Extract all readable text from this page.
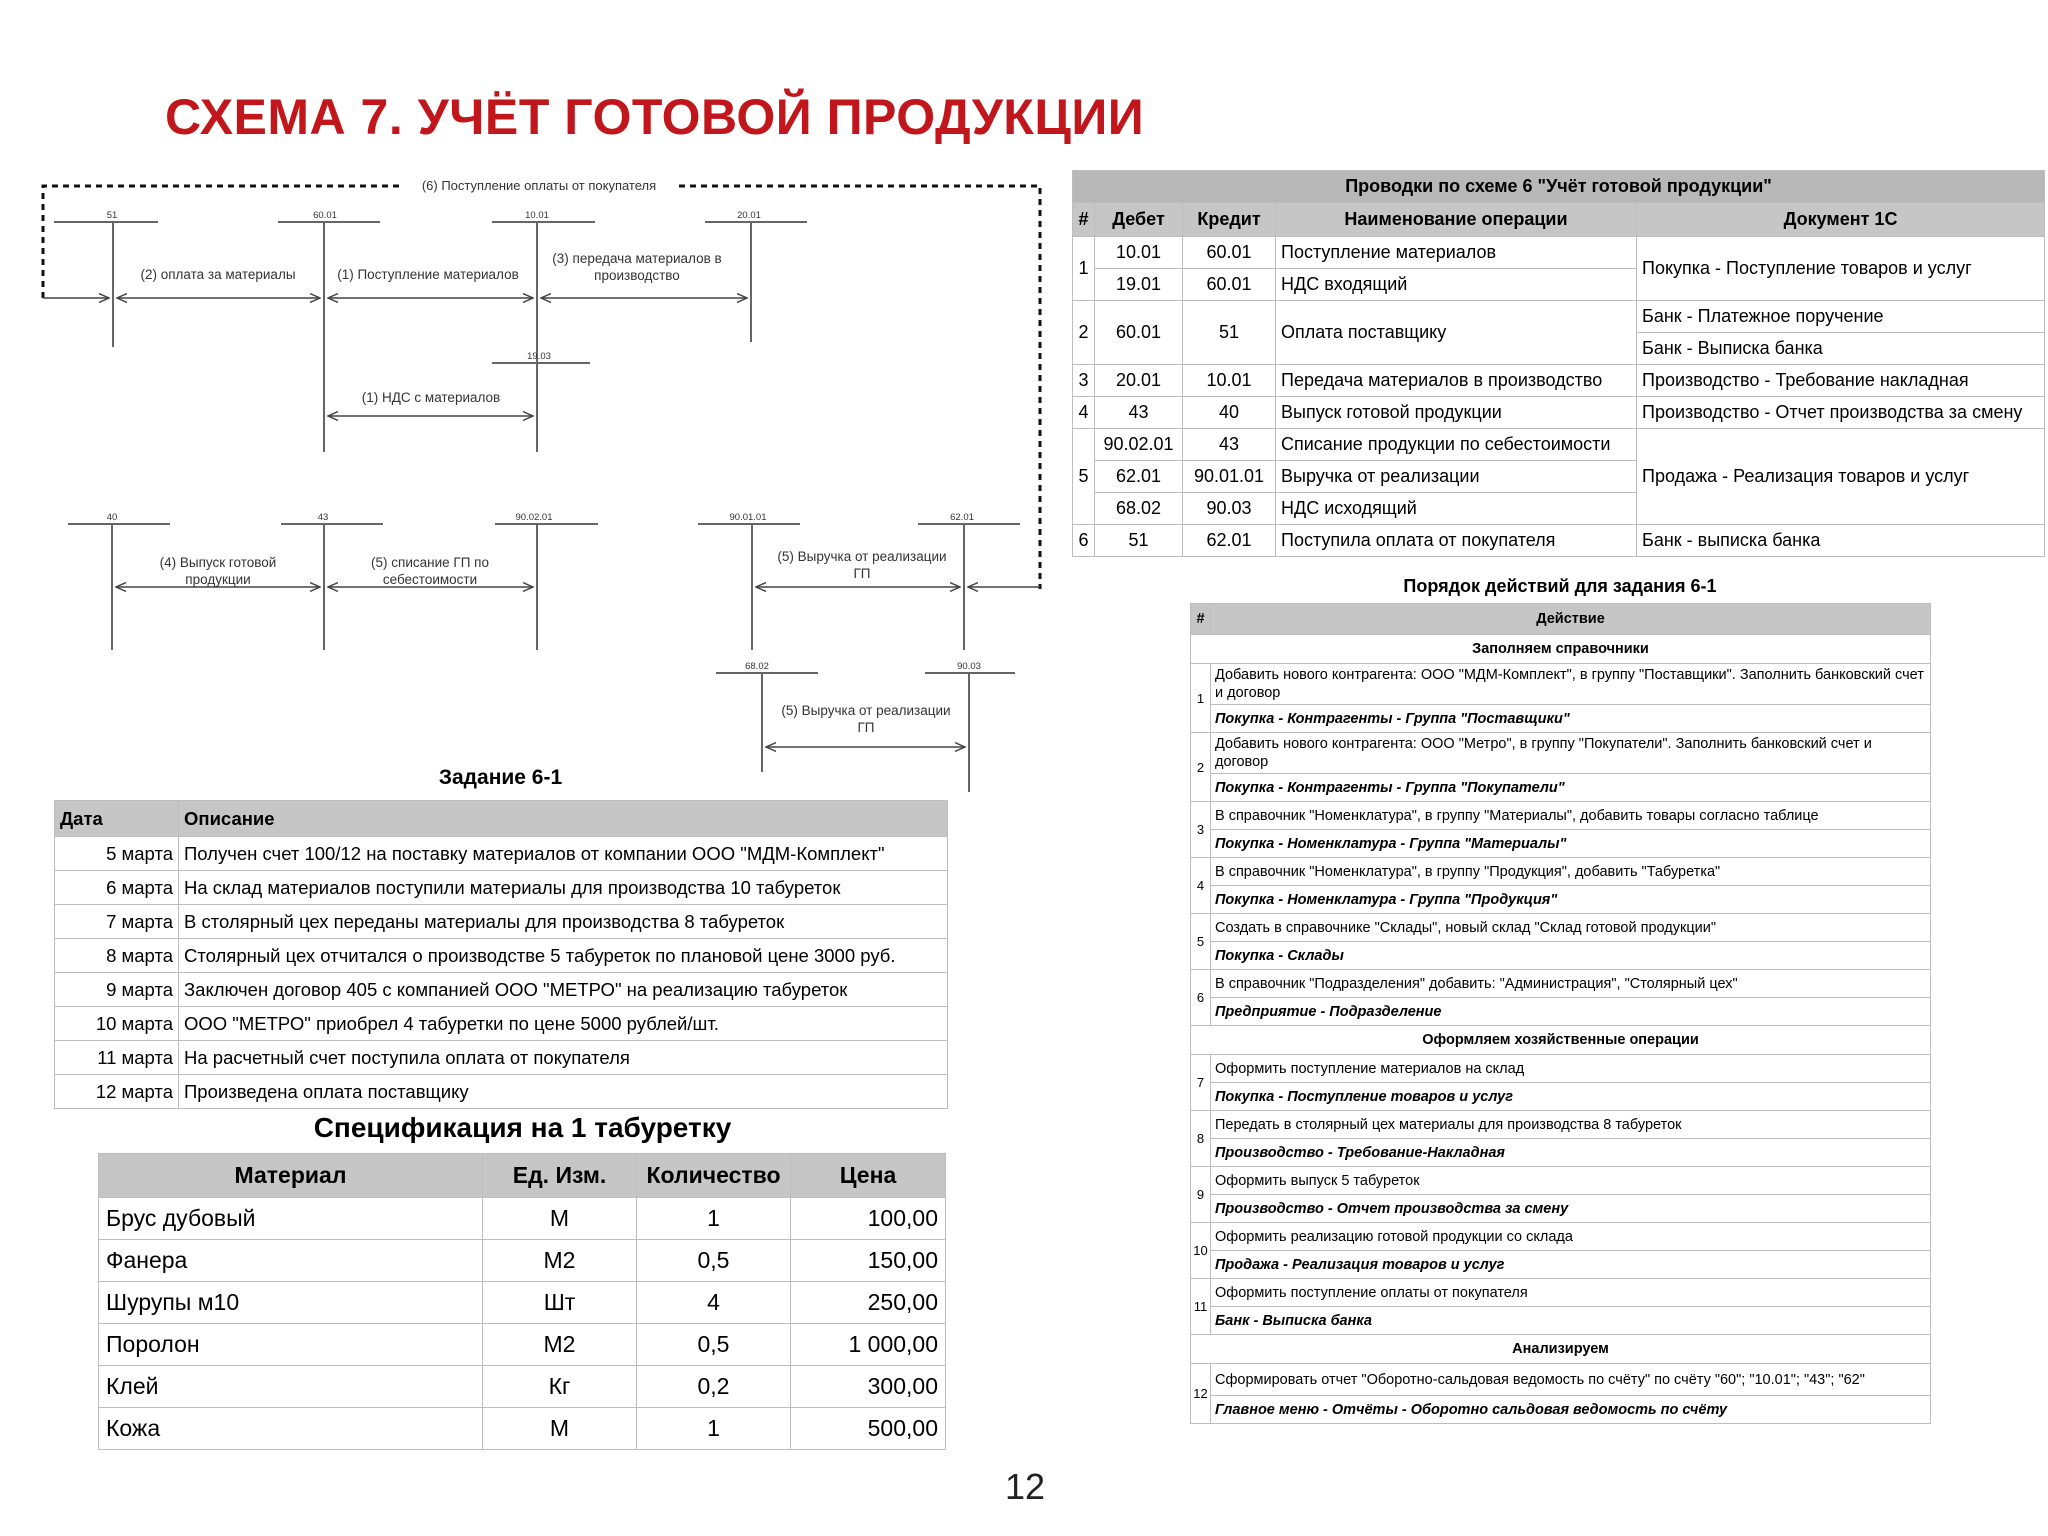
СХЕМА 7. УЧЁТ ГОТОВОЙ ПРОДУКЦИИ
(6) Поступление оплаты от покупателя
51	60.01	10.01	20.01
19.03
40	43	90.02.01	90.01.01	62.01
68.02	90.03
(2) оплата за материалы	(1) Поступление материалов
(3) передача материалов в
производство
(1) НДС с материалов
(4) Выпуск готовой
продукции
(5) списание ГП по
себестоимости
(5) Выручка от реализации
ГП
(5) Выручка от реализации
ГП
Проводки по схеме 6 "Учёт готовой продукции"				
#	Дебет	Кредит	Наименование операции	Документ 1С
1	10.01	60.01	Поступление материалов	Покупка - Поступление товаров и услуг
	19.01	60.01	НДС входящий	
2	60.01	51	Оплата поставщику	Банк - Платежное поручение
				Банк - Выписка банка
3	20.01	10.01	Передача материалов в производство	Производство - Требование накладная
4	43	40	Выпуск готовой продукции	Производство - Отчет производства за смену
5	90.02.01	43	Списание продукции по себестоимости	Продажа - Реализация товаров и услуг
	62.01	90.01.01	Выручка от реализации	
	68.02	90.03	НДС исходящий	
6	51	62.01	Поступила оплата от покупателя	Банк - выписка банка
Порядок действий для задания 6-1
#	Действие
Заполняем справочники	
1	Добавить нового контрагента: ООО "МДМ-Комплект", в группу "Поставщики". Заполнить банковский счет и договор
	Покупка - Контрагенты - Группа "Поставщики"
2	Добавить нового контрагента: ООО "Метро", в группу "Покупатели". Заполнить банковский счет и договор
	Покупка - Контрагенты - Группа "Покупатели"
3	В справочник "Номенклатура", в группу "Материалы", добавить товары согласно таблице
	Покупка - Номенклатура - Группа "Материалы"
4	В справочник "Номенклатура", в группу "Продукция", добавить "Табуретка"
	Покупка - Номенклатура - Группа "Продукция"
5	Создать в справочнике "Склады", новый склад "Склад готовой продукции"
	Покупка - Склады
6	В справочник "Подразделения" добавить: "Администрация", "Столярный цех"
	Предприятие - Подразделение
Оформляем хозяйственные операции	
7	Оформить поступление материалов на склад
	Покупка - Поступление товаров и услуг
8	Передать в столярный цех материалы для производства 8 табуреток
	Производство - Требование-Накладная
9	Оформить выпуск 5 табуреток
	Производство - Отчет производства за смену
10	Оформить реализацию готовой продукции со склада
	Продажа - Реализация товаров и услуг
11	Оформить поступление оплаты от покупателя
	Банк - Выписка банка
Анализируем	
12	Сформировать отчет "Оборотно-сальдовая ведомость по счёту" по счёту "60"; "10.01"; "43"; "62"
	Главное меню - Отчёты - Оборотно сальдовая ведомость по счёту
Задание 6-1
Дата	Описание
5 марта	Получен счет 100/12 на поставку материалов от компании ООО "МДМ-Комплект"
6 марта	На склад материалов поступили материалы для производства 10 табуреток
7 марта	В столярный цех переданы материалы для производства 8 табуреток
8 марта	Столярный цех отчитался о производстве 5 табуреток по плановой цене 3000 руб.
9 марта	Заключен договор 405 с компанией ООО "МЕТРО" на реализацию табуреток
10 марта	ООО "МЕТРО" приобрел 4 табуретки по цене 5000 рублей/шт.
11 марта	На расчетный счет поступила оплата от покупателя
12 марта	Произведена оплата поставщику
Спецификация на 1 табуретку
Материал	Ед. Изм.	Количество	Цена
Брус дубовый	М	1	100,00
Фанера	М2	0,5	150,00
Шурупы м10	Шт	4	250,00
Поролон	М2	0,5	1 000,00
Клей	Кг	0,2	300,00
Кожа	М	1	500,00
12
